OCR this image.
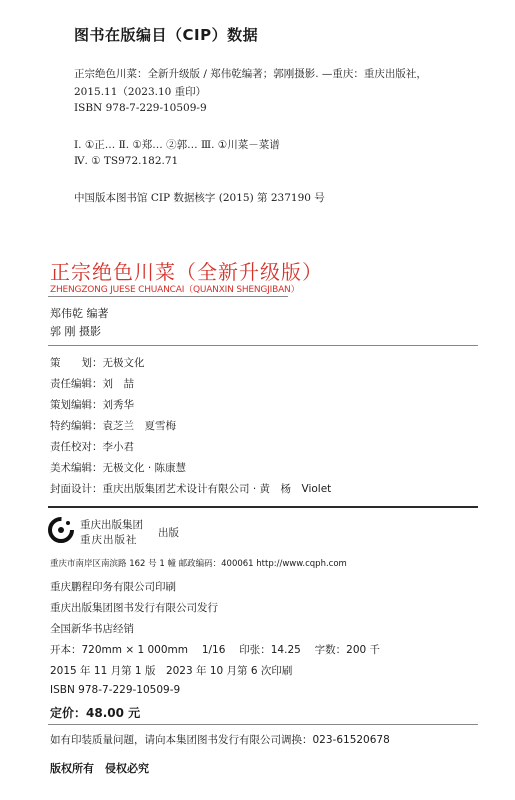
图书在版编目（CIP）数据
正宗绝色川菜：全新升级版 / 郑伟乾编著；郭刚摄影. —重庆：重庆出版社，
2015.11（2023.10 重印）
ISBN 978-7-229-10509-9
Ⅰ. ①正… Ⅱ. ①郑… ②郭… Ⅲ. ①川菜－菜谱
Ⅳ. ① TS972.182.71
中国版本图书馆 CIP 数据核字 (2015) 第 237190 号
正宗绝色川菜（全新升级版）
ZHENGZONG JUESE CHUANCAI（QUANXIN SHENGJIBAN）
郑伟乾 编著
郭 刚 摄影
策　　划：无极文化
责任编辑：刘　喆
策划编辑：刘秀华
特约编辑：袁芝兰　夏雪梅
责任校对：李小君
美术编辑：无极文化 · 陈康慧
封面设计：重庆出版集团艺术设计有限公司 · 黄　杨　Violet
重庆出版集团
重庆出版社
出版
重庆市南岸区南滨路 162 号 1 幢 邮政编码：400061 http://www.cqph.com
重庆鹏程印务有限公司印刷
重庆出版集团图书发行有限公司发行
全国新华书店经销
开本：720mm × 1 000mm　 1/16　 印张：14.25　 字数：200 千
2015 年 11 月第 1 版　2023 年 10 月第 6 次印刷
ISBN 978-7-229-10509-9
定价：48.00 元
如有印装质量问题，请向本集团图书发行有限公司调换：023-61520678
版权所有　侵权必究
